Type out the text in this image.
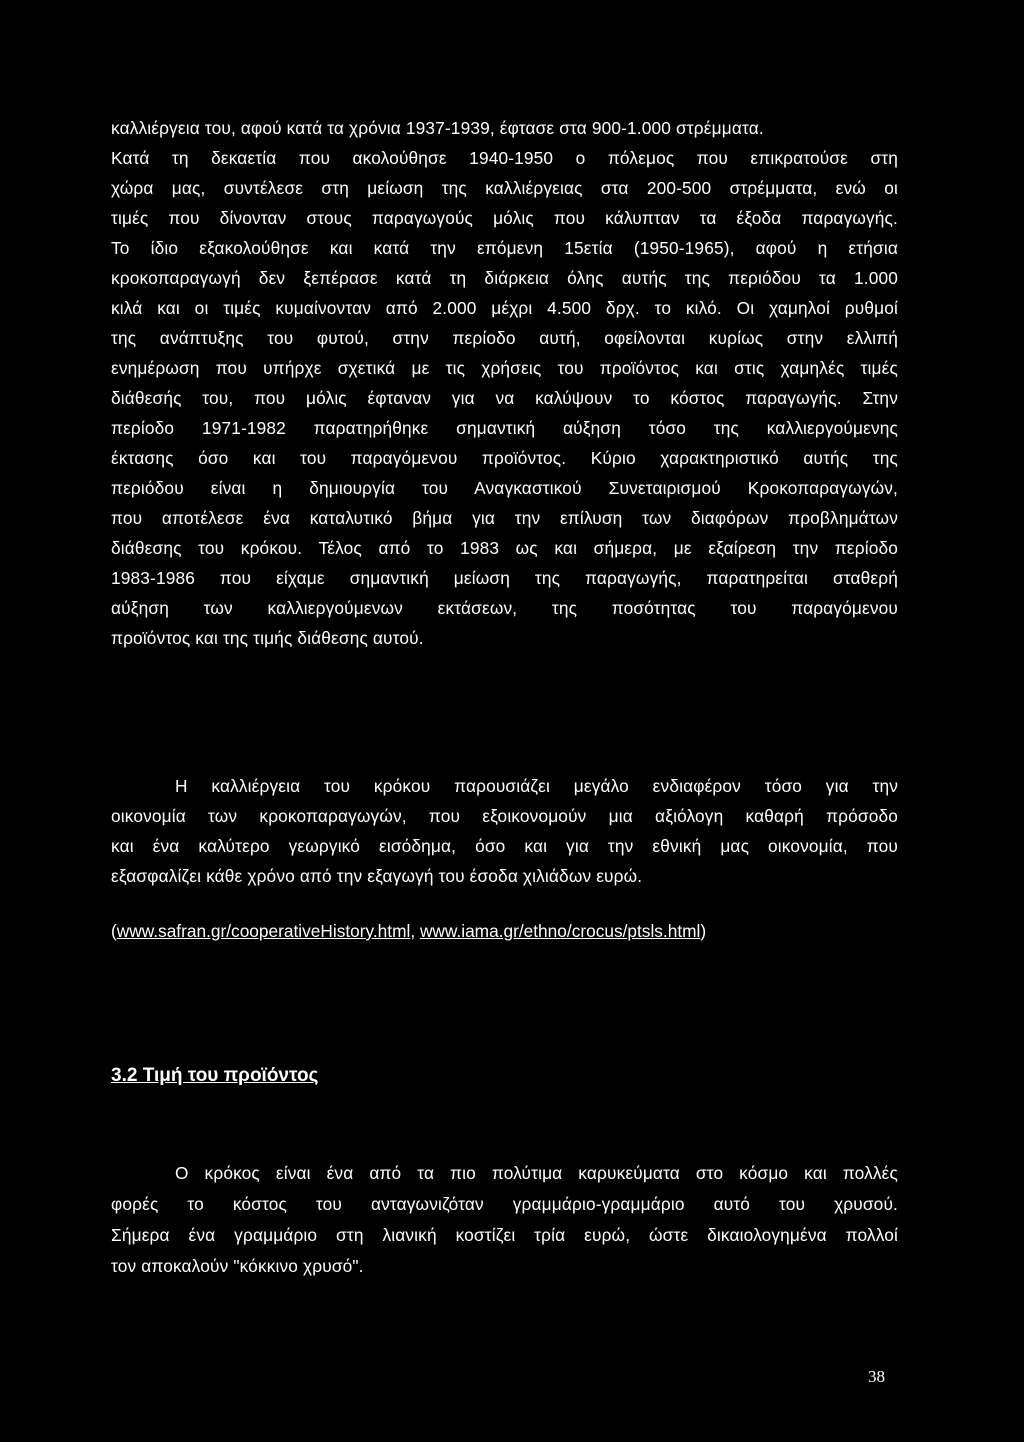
καλλιέργεια του, αφού κατά τα χρόνια 1937-1939, έφτασε στα 900-1.000 στρέμματα.
Κατά τη δεκαετία που ακολούθησε 1940-1950 ο πόλεμος που επικρατούσε στη
χώρα μας, συντέλεσε στη μείωση της καλλιέργειας στα 200-500 στρέμματα, ενώ οι
τιμές που δίνονταν στους παραγωγούς μόλις που κάλυπταν τα έξοδα παραγωγής.
Το ίδιο εξακολούθησε και κατά την επόμενη 15ετία (1950-1965), αφού η ετήσια
κροκοπαραγωγή δεν ξεπέρασε κατά τη διάρκεια όλης αυτής της περιόδου τα 1.000
κιλά και οι τιμές κυμαίνονταν από 2.000 μέχρι 4.500 δρχ. το κιλό. Οι χαμηλοί ρυθμοί
της ανάπτυξης του φυτού, στην περίοδο αυτή, οφείλονται κυρίως στην ελλιπή
ενημέρωση που υπήρχε σχετικά με τις χρήσεις του προϊόντος και στις χαμηλές τιμές
διάθεσής του, που μόλις έφταναν για να καλύψουν το κόστος παραγωγής. Στην
περίοδο 1971-1982 παρατηρήθηκε σημαντική αύξηση τόσο της καλλιεργούμενης
έκτασης όσο και του παραγόμενου προϊόντος. Κύριο χαρακτηριστικό αυτής της
περιόδου είναι η δημιουργία του Αναγκαστικού Συνεταιρισμού Κροκοπαραγωγών,
που αποτέλεσε ένα καταλυτικό βήμα για την επίλυση των διαφόρων προβλημάτων
διάθεσης του κρόκου. Τέλος από το 1983 ως και σήμερα, με εξαίρεση την περίοδο
1983-1986 που είχαμε σημαντική μείωση της παραγωγής, παρατηρείται σταθερή
αύξηση των καλλιεργούμενων εκτάσεων, της ποσότητας του παραγόμενου
προϊόντος και της τιμής διάθεσης αυτού.
Η καλλιέργεια του κρόκου παρουσιάζει μεγάλο ενδιαφέρον τόσο για την
οικονομία των κροκοπαραγωγών, που εξοικονομούν μια αξιόλογη καθαρή πρόσοδο
και ένα καλύτερο γεωργικό εισόδημα, όσο και για την εθνική μας οικονομία, που
εξασφαλίζει κάθε χρόνο από την εξαγωγή του έσοδα χιλιάδων ευρώ.
(www.safran.gr/cooperativeHistory.html, www.iama.gr/ethno/crocus/ptsls.html)
3.2 Τιμή του προϊόντος
Ο κρόκος είναι ένα από τα πιο πολύτιμα καρυκεύματα στο κόσμο και πολλές
φορές το κόστος του ανταγωνιζόταν γραμμάριο-γραμμάριο αυτό του χρυσού.
Σήμερα ένα γραμμάριο στη λιανική κοστίζει τρία ευρώ, ώστε δικαιολογημένα πολλοί
τον αποκαλούν "κόκκινο χρυσό".
38
